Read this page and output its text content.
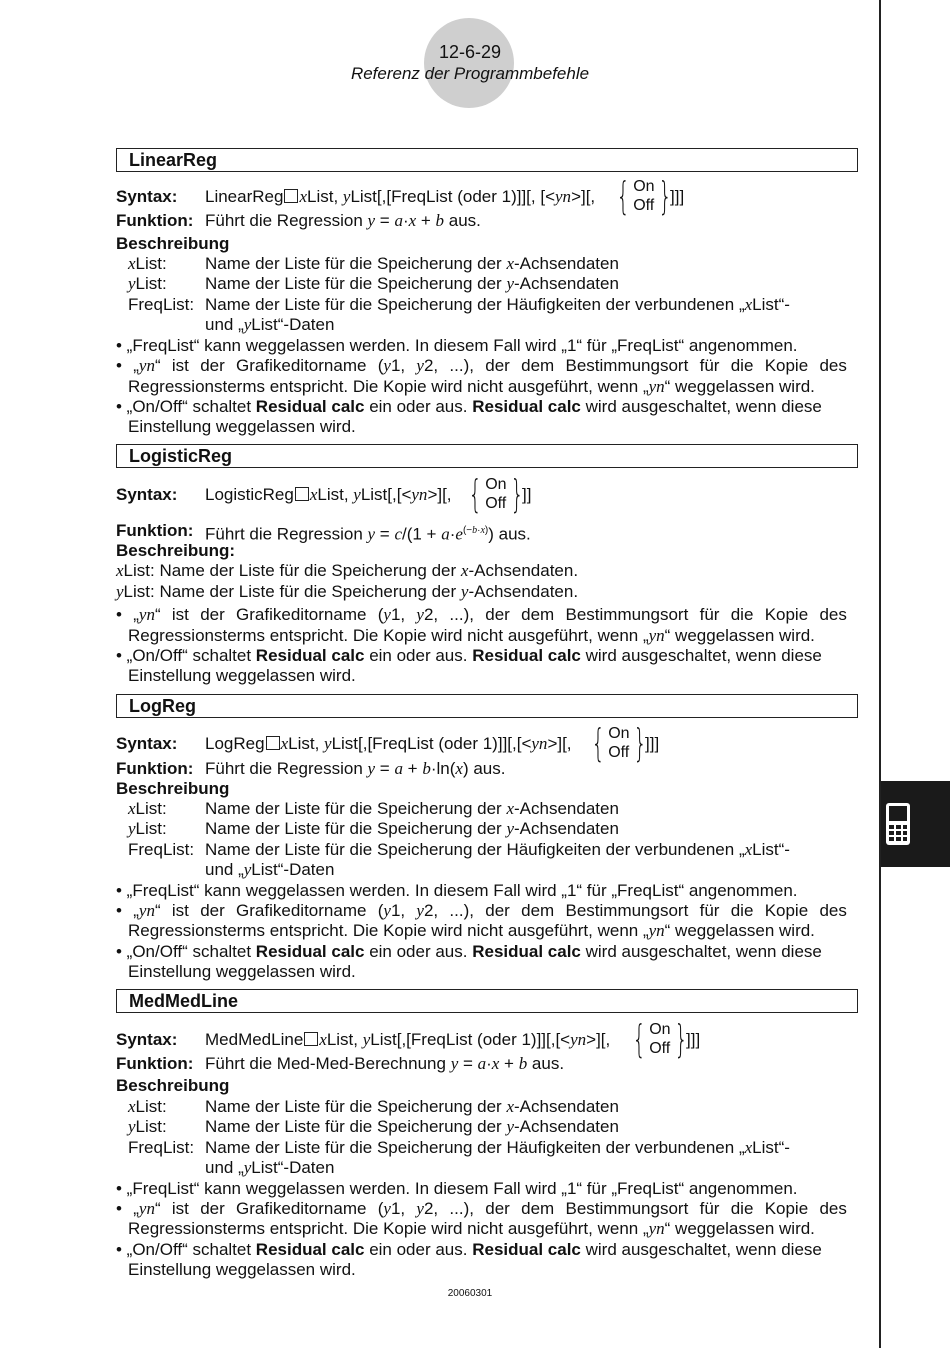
12-6-29
Referenz der Programmbefehle
LinearReg
Syntax: LinearReg xList, yList[,[FreqList (oder 1)]][, [<yn>][, { On
Off }
]]]
Funktion: Führt die Regression y = a·x + b aus.
Beschreibung
xList: Name der Liste für die Speicherung der x-Achsendaten
yList: Name der Liste für die Speicherung der y-Achsendaten
FreqList: Name der Liste für die Speicherung der Häufigkeiten der verbundenen „xList“-
und „yList“-Daten
• „FreqList“ kann weggelassen werden. In diesem Fall wird „1“ für „FreqList“ angenommen.
• „yn“ ist der Grafikeditorname (y1, y2, ...), der dem Bestimmungsort für die Kopie des
Regressionsterms entspricht. Die Kopie wird nicht ausgeführt, wenn „yn“ weggelassen wird.
• „On/Off“ schaltet Residual calc ein oder aus. Residual calc wird ausgeschaltet, wenn diese
Einstellung weggelassen wird.
LogisticReg
Syntax: LogisticReg xList, yList[,[<yn>][, { On
Off }
]]
Funktion: Führt die Regression $y = c/(1 + a\cdot e^{(-b\cdot x)})$ aus.
Beschreibung:
xList: Name der Liste für die Speicherung der x-Achsendaten.
yList: Name der Liste für die Speicherung der y-Achsendaten.
• „yn“ ist der Grafikeditorname (y1, y2, ...), der dem Bestimmungsort für die Kopie des
Regressionsterms entspricht. Die Kopie wird nicht ausgeführt, wenn „yn“ weggelassen wird.
• „On/Off“ schaltet Residual calc ein oder aus. Residual calc wird ausgeschaltet, wenn diese
Einstellung weggelassen wird.
LogReg
Syntax: LogReg xList, yList[,[FreqList (oder 1)]][,[<yn>][, { On
Off }
]]]
Funktion: Führt die Regression y = a + b·ln(x) aus.
Beschreibung
xList: Name der Liste für die Speicherung der x-Achsendaten
yList: Name der Liste für die Speicherung der y-Achsendaten
FreqList: Name der Liste für die Speicherung der Häufigkeiten der verbundenen „xList“-
und „yList“-Daten
• „FreqList“ kann weggelassen werden. In diesem Fall wird „1“ für „FreqList“ angenommen.
• „yn“ ist der Grafikeditorname (y1, y2, ...), der dem Bestimmungsort für die Kopie des
Regressionsterms entspricht. Die Kopie wird nicht ausgeführt, wenn „yn“ weggelassen wird.
• „On/Off“ schaltet Residual calc ein oder aus. Residual calc wird ausgeschaltet, wenn diese
Einstellung weggelassen wird.
MedMedLine
Syntax: MedMedLine xList, yList[,[FreqList (oder 1)]][,[<yn>][, { On
Off }
]]]
Funktion: Führt die Med-Med-Berechnung y = a·x + b aus.
Beschreibung
xList: Name der Liste für die Speicherung der x-Achsendaten
yList: Name der Liste für die Speicherung der y-Achsendaten
FreqList: Name der Liste für die Speicherung der Häufigkeiten der verbundenen „xList“-
und „yList“-Daten
• „FreqList“ kann weggelassen werden. In diesem Fall wird „1“ für „FreqList“ angenommen.
• „yn“ ist der Grafikeditorname (y1, y2, ...), der dem Bestimmungsort für die Kopie des
Regressionsterms entspricht. Die Kopie wird nicht ausgeführt, wenn „yn“ weggelassen wird.
• „On/Off“ schaltet Residual calc ein oder aus. Residual calc wird ausgeschaltet, wenn diese
Einstellung weggelassen wird.
20060301
